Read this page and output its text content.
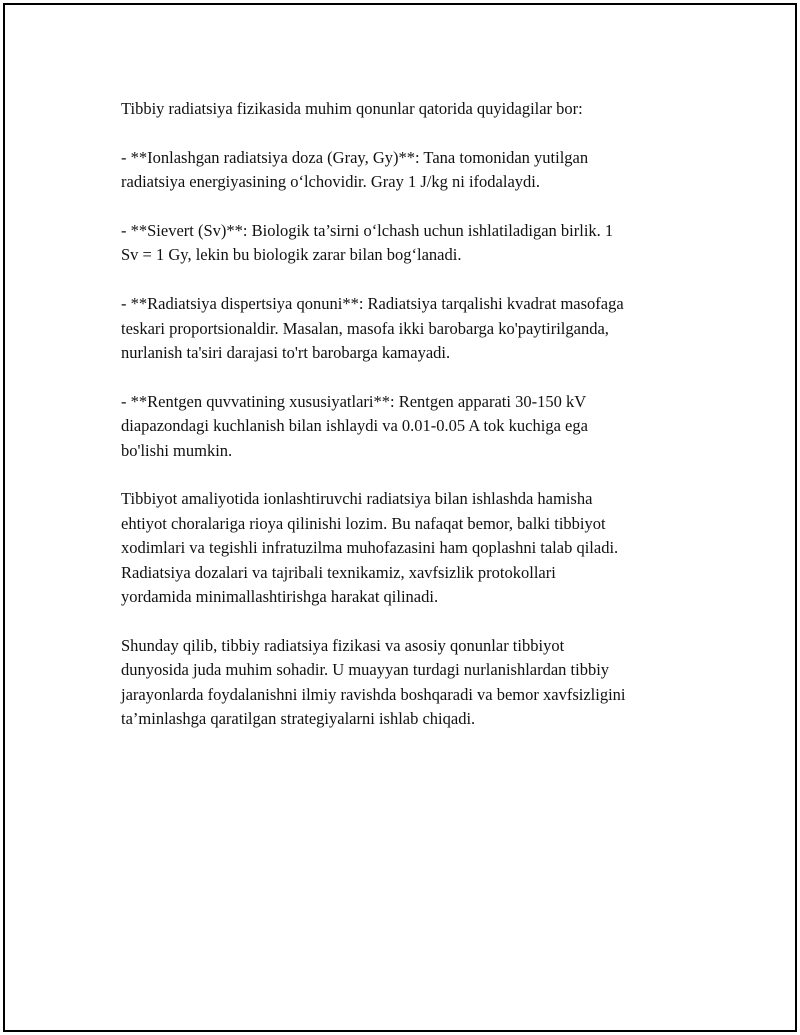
Tibbiy radiatsiya fizikasida muhim qonunlar qatorida quyidagilar bor:

- **Ionlashgan radiatsiya doza (Gray, Gy)**: Tana tomonidan yutilgan
radiatsiya energiyasining o‘lchovidir. Gray 1 J/kg ni ifodalaydi.

- **Sievert (Sv)**: Biologik ta’sirni o‘lchash uchun ishlatiladigan birlik. 1
Sv = 1 Gy, lekin bu biologik zarar bilan bog‘lanadi.

- **Radiatsiya dispertsiya qonuni**: Radiatsiya tarqalishi kvadrat masofaga
teskari proportsionaldir. Masalan, masofa ikki barobarga ko'paytirilganda,
nurlanish ta'siri darajasi to'rt barobarga kamayadi.

- **Rentgen quvvatining xususiyatlari**: Rentgen apparati 30-150 kV
diapazondagi kuchlanish bilan ishlaydi va 0.01-0.05 A tok kuchiga ega
bo'lishi mumkin.

Tibbiyot amaliyotida ionlashtiruvchi radiatsiya bilan ishlashda hamisha
ehtiyot choralariga rioya qilinishi lozim. Bu nafaqat bemor, balki tibbiyot
xodimlari va tegishli infratuzilma muhofazasini ham qoplashni talab qiladi.
Radiatsiya dozalari va tajribali texnikamiz, xavfsizlik protokollari
yordamida minimallashtirishga harakat qilinadi.

Shunday qilib, tibbiy radiatsiya fizikasi va asosiy qonunlar tibbiyot
dunyosida juda muhim sohadir. U muayyan turdagi nurlanishlardan tibbiy
jarayonlarda foydalanishni ilmiy ravishda boshqaradi va bemor xavfsizligini
ta’minlashga qaratilgan strategiyalarni ishlab chiqadi.
